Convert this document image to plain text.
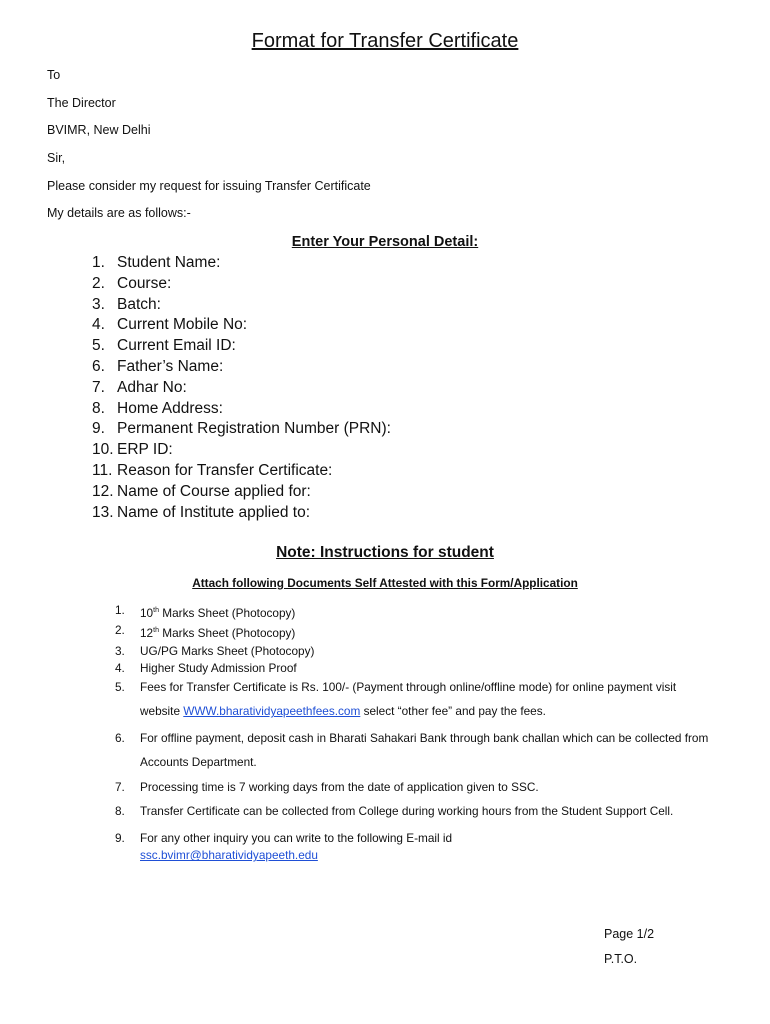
Format for Transfer Certificate
To
The Director
BVIMR, New Delhi
Sir,
Please consider my request for issuing Transfer Certificate
My details are as follows:-
Enter Your Personal Detail:
1. Student Name:
2. Course:
3. Batch:
4. Current Mobile No:
5. Current Email ID:
6. Father’s Name:
7. Adhar No:
8. Home Address:
9. Permanent Registration Number (PRN):
10. ERP ID:
11. Reason for Transfer Certificate:
12. Name of Course applied for:
13. Name of Institute applied to:
Note: Instructions for student
Attach following Documents Self Attested with this Form/Application
1. 10th Marks Sheet (Photocopy)
2. 12th Marks Sheet (Photocopy)
3. UG/PG Marks Sheet (Photocopy)
4. Higher Study Admission Proof
5. Fees for Transfer Certificate is Rs. 100/- (Payment through online/offline mode) for online payment visit website WWW.bharatividyapeethfees.com select “other fee” and pay the fees.
6. For offline payment, deposit cash in Bharati Sahakari Bank through bank challan which can be collected from Accounts Department.
7. Processing time is 7 working days from the date of application given to SSC.
8. Transfer Certificate can be collected from College during working hours from the Student Support Cell.
9. For any other inquiry you can write to the following E-mail id
ssc.bvimr@bharatividyapeeth.edu
Page 1/2
P.T.O.
